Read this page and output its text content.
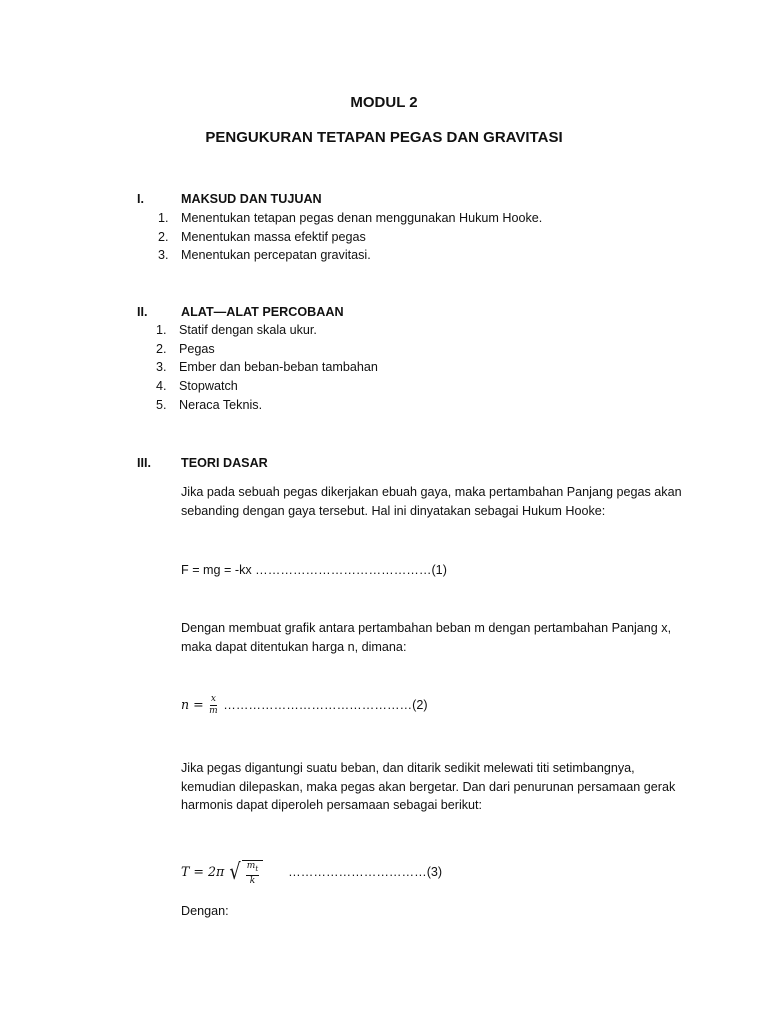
MODUL 2
PENGUKURAN TETAPAN PEGAS DAN GRAVITASI
I.	MAKSUD DAN TUJUAN
1. Menentukan tetapan pegas denan menggunakan Hukum Hooke.
2. Menentukan massa efektif pegas
3. Menentukan percepatan gravitasi.
II.	ALAT—ALAT PERCOBAAN
1. Statif dengan skala ukur.
2. Pegas
3. Ember dan beban-beban tambahan
4. Stopwatch
5. Neraca Teknis.
III. TEORI DASAR
Jika pada sebuah pegas dikerjakan ebuah gaya, maka pertambahan Panjang pegas akan
sebanding dengan gaya tersebut. Hal ini dinyatakan sebagai Hukum Hooke:
F = mg = -kx ……………………………………(1)
Dengan membuat grafik antara pertambahan beban m dengan pertambahan Panjang x,
maka dapat ditentukan harga n, dimana:
$n = \frac{x}{m}$ ………………………………………(2)
Jika pegas digantungi suatu beban, dan ditarik sedikit melewati titi setimbangnya,
kemudian dilepaskan, maka pegas akan bergetar. Dan dari penurunan persamaan gerak
harmonis dapat diperoleh persamaan sebagai berikut:
T = 2π √ $\frac{m_t}{k}$ ……………………………(3)
Dengan:
